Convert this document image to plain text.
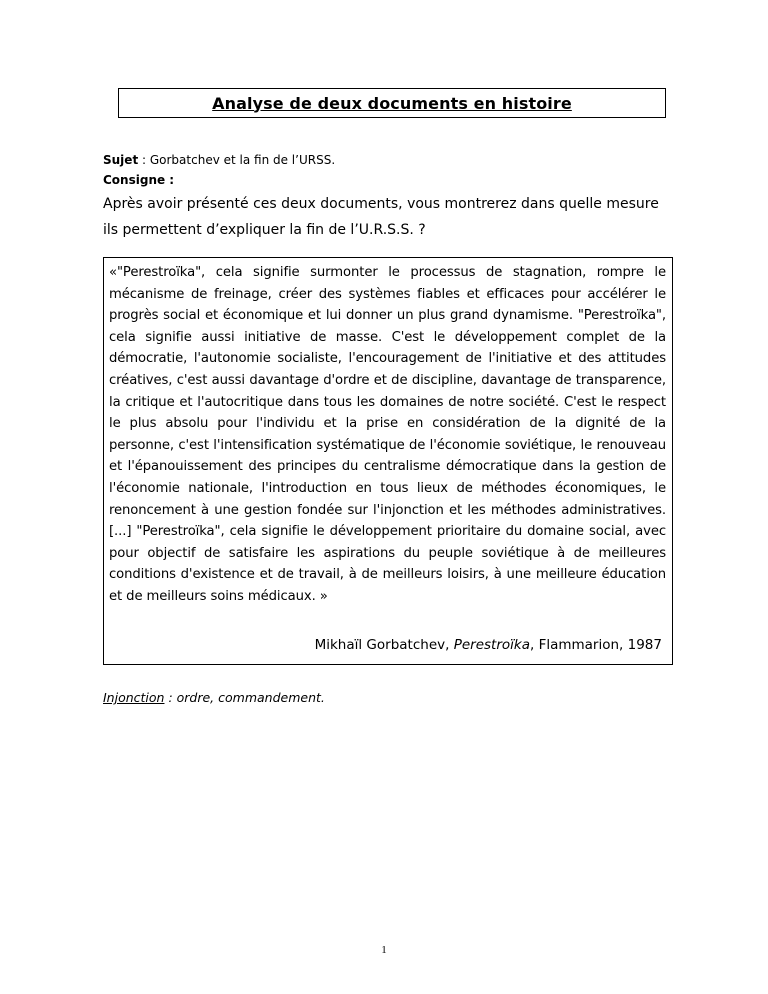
Analyse de deux documents en histoire
Sujet : Gorbatchev et la fin de l’URSS.
Consigne :
Après avoir présenté ces deux documents, vous montrerez dans quelle mesure ils permettent d’expliquer la fin de l’U.R.S.S. ?
«"Perestroïka", cela signifie surmonter le processus de stagnation, rompre le mécanisme de freinage, créer des systèmes fiables et efficaces pour accélérer le progrès social et économique et lui donner un plus grand dynamisme. "Perestroïka", cela signifie aussi initiative de masse. C'est le développement complet de la démocratie, l'autonomie socialiste, l'encouragement de l'initiative et des attitudes créatives, c'est aussi davantage d'ordre et de discipline, davantage de transparence, la critique et l'autocritique dans tous les domaines de notre société. C'est le respect le plus absolu pour l'individu et la prise en considération de la dignité de la personne, c'est l'intensification systématique de l'économie soviétique, le renouveau et l'épanouissement des principes du centralisme démocratique dans la gestion de l'économie nationale, l'introduction en tous lieux de méthodes économiques, le renoncement à une gestion fondée sur l'injonction et les méthodes administratives. [...] "Perestroïka", cela signifie le développement prioritaire du domaine social, avec pour objectif de satisfaire les aspirations du peuple soviétique à de meilleures conditions d'existence et de travail, à de meilleurs loisirs, à une meilleure éducation et de meilleurs soins médicaux. »
Mikhaïl Gorbatchev, Perestroïka, Flammarion, 1987
Injonction : ordre, commandement.
1
